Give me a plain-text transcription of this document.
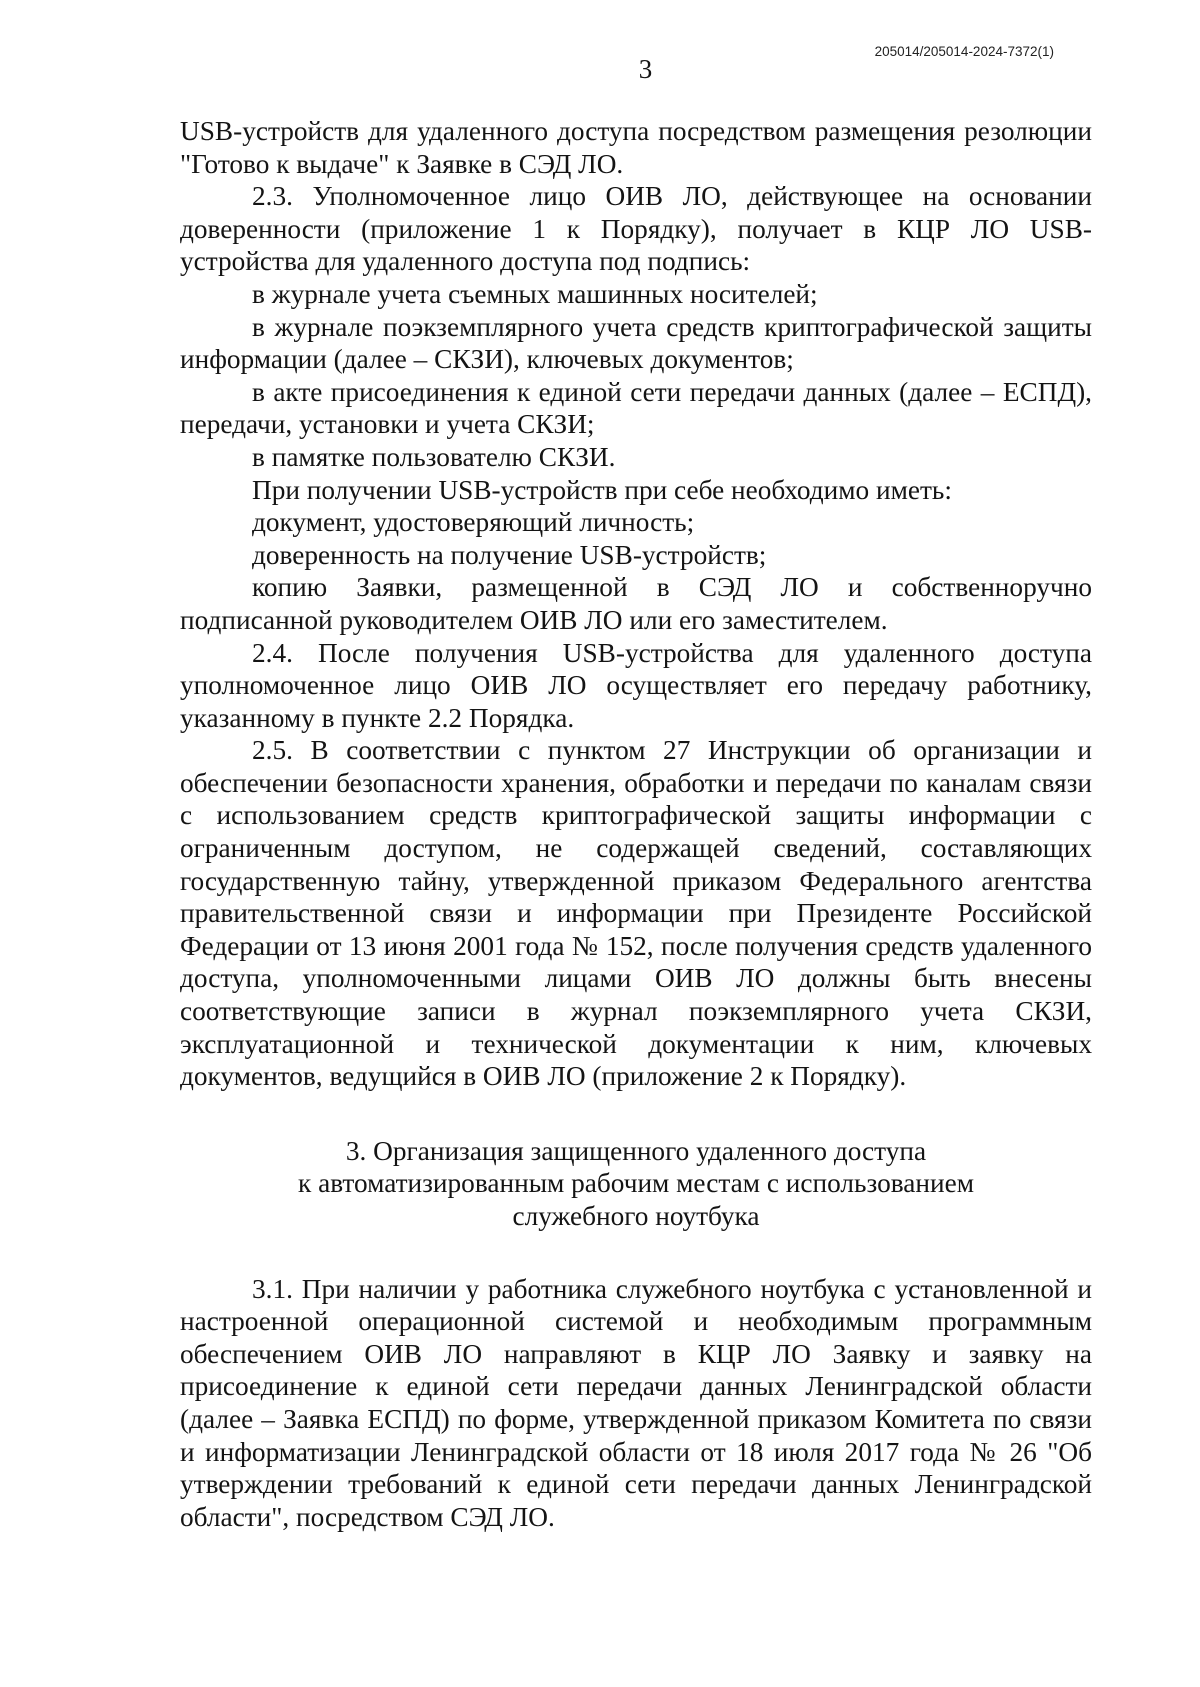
205014/205014-2024-7372(1)
3

USB-устройств для удаленного доступа посредством размещения резолюции "Готово к выдаче" к Заявке в СЭД ЛО.

2.3. Уполномоченное лицо ОИВ ЛО, действующее на основании доверенности (приложение 1 к Порядку), получает в КЦР ЛО USB-устройства для удаленного доступа под подпись:

в журнале учета съемных машинных носителей;

в журнале поэкземплярного учета средств криптографической защиты информации (далее – СКЗИ), ключевых документов;

в акте присоединения к единой сети передачи данных (далее – ЕСПД), передачи, установки и учета СКЗИ;

в памятке пользователю СКЗИ.

При получении USB-устройств при себе необходимо иметь:

документ, удостоверяющий личность;

доверенность на получение USB-устройств;

копию Заявки, размещенной в СЭД ЛО и собственноручно подписанной руководителем ОИВ ЛО или его заместителем.

2.4. После получения USB-устройства для удаленного доступа уполномоченное лицо ОИВ ЛО осуществляет его передачу работнику, указанному в пункте 2.2 Порядка.

2.5. В соответствии с пунктом 27 Инструкции об организации и обеспечении безопасности хранения, обработки и передачи по каналам связи с использованием средств криптографической защиты информации с ограниченным доступом, не содержащей сведений, составляющих государственную тайну, утвержденной приказом Федерального агентства правительственной связи и информации при Президенте Российской Федерации от 13 июня 2001 года № 152, после получения средств удаленного доступа, уполномоченными лицами ОИВ ЛО должны быть внесены соответствующие записи в журнал поэкземплярного учета СКЗИ, эксплуатационной и технической документации к ним, ключевых документов, ведущийся в ОИВ ЛО (приложение 2 к Порядку).

3. Организация защищенного удаленного доступа
к автоматизированным рабочим местам с использованием
служебного ноутбука

3.1. При наличии у работника служебного ноутбука с установленной и настроенной операционной системой и необходимым программным обеспечением ОИВ ЛО направляют в КЦР ЛО Заявку и заявку на присоединение к единой сети передачи данных Ленинградской области (далее – Заявка ЕСПД) по форме, утвержденной приказом Комитета по связи и информатизации Ленинградской области от 18 июля 2017 года № 26 "Об утверждении требований к единой сети передачи данных Ленинградской области", посредством СЭД ЛО.
